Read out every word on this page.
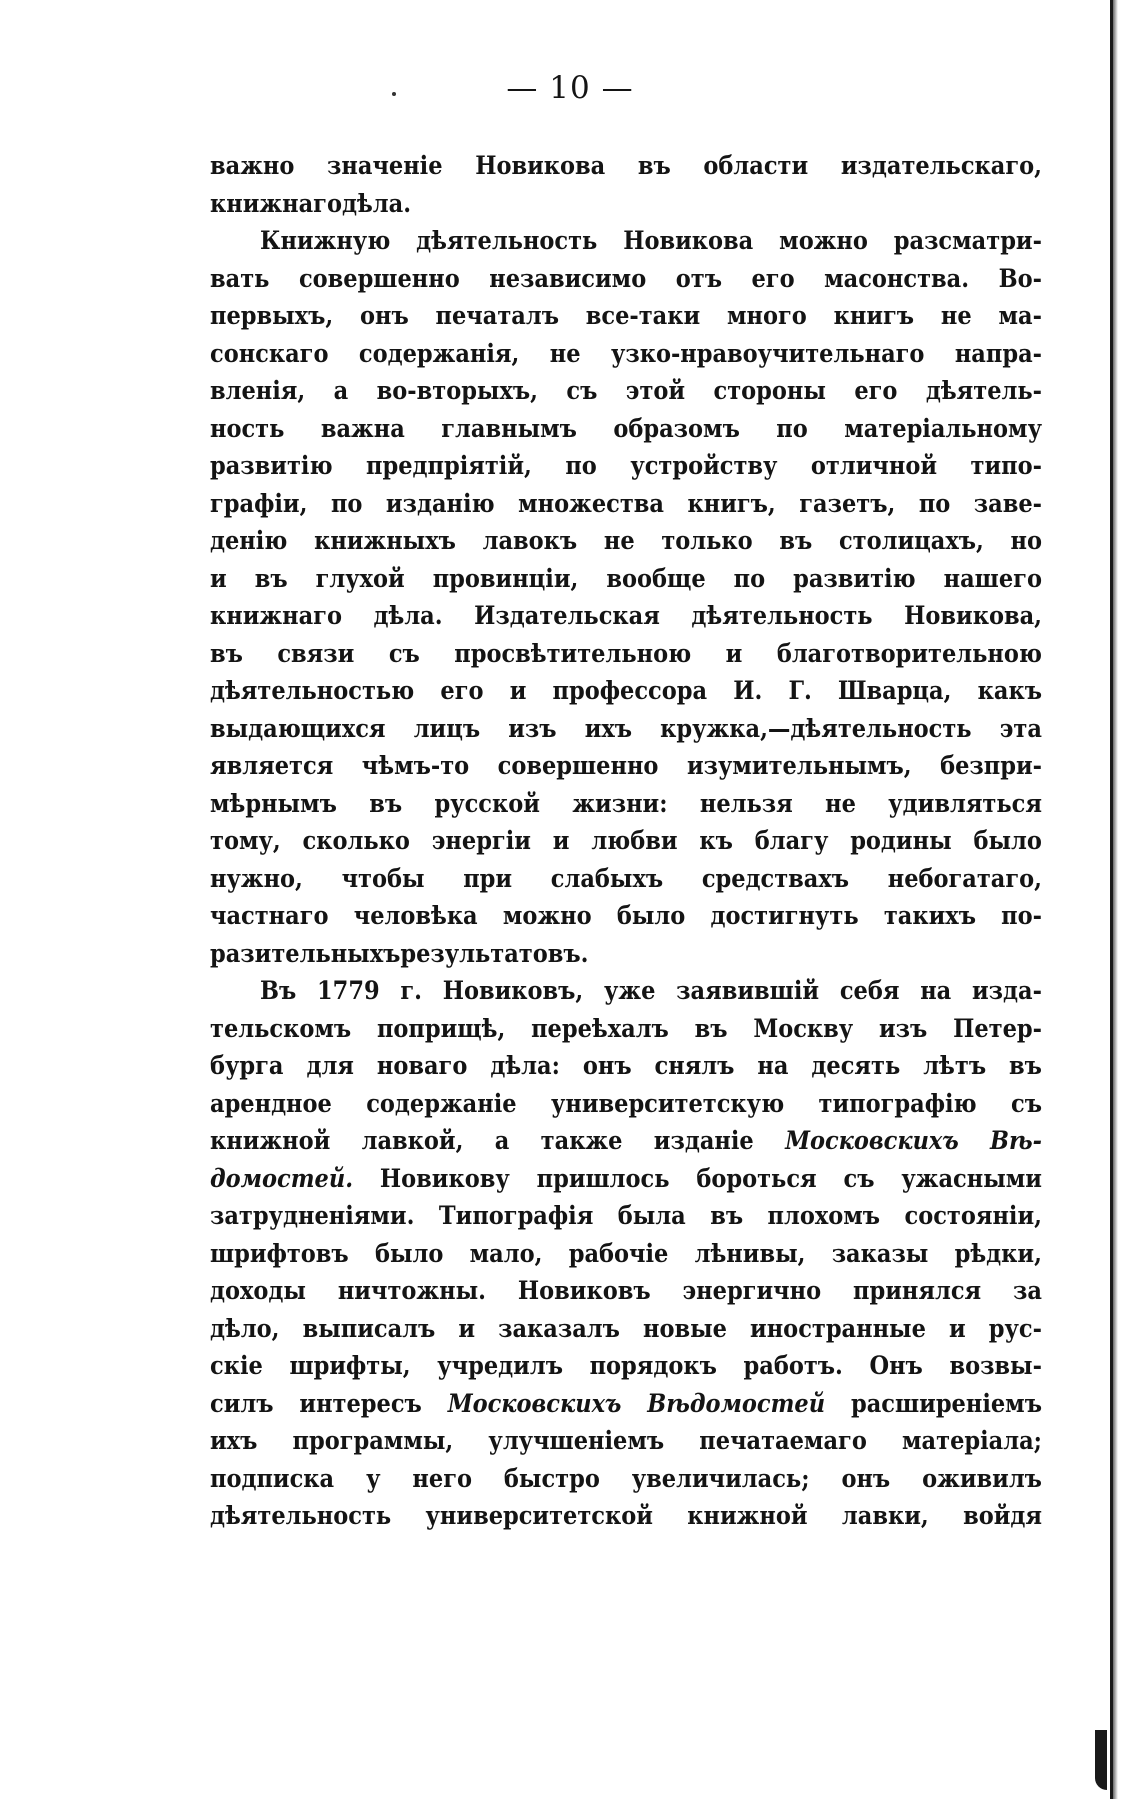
— 10 —
важно значеніе Новикова въ области издательскаго,
книжнаго дѣла.
Книжную дѣятельность Новикова можно разсматри-
вать совершенно независимо отъ его масонства. Во-
первыхъ, онъ печаталъ все-таки много книгъ не ма-
сонскаго содержанія, не узко-нравоучительнаго напра-
вленія, а во-вторыхъ, съ этой стороны его дѣятель-
ность важна главнымъ образомъ по матеріальному
развитію предпріятій, по устройству отличной типо-
графіи, по изданію множества книгъ, газетъ, по заве-
денію книжныхъ лавокъ не только въ столицахъ, но
и въ глухой провинціи, вообще по развитію нашего
книжнаго дѣла. Издательская дѣятельность Новикова,
въ связи съ просвѣтительною и благотворительною
дѣятельностью его и профессора И. Г. Шварца, какъ
выдающихся лицъ изъ ихъ кружка,—дѣятельность эта
является чѣмъ-то совершенно изумительнымъ, безпри-
мѣрнымъ въ русской жизни: нельзя не удивляться
тому, сколько энергіи и любви къ благу родины было
нужно, чтобы при слабыхъ средствахъ небогатаго,
частнаго человѣка можно было достигнуть такихъ по-
разительныхъ результатовъ.
Въ 1779 г. Новиковъ, уже заявившій себя на изда-
тельскомъ поприщѣ, переѣхалъ въ Москву изъ Петер-
бурга для новаго дѣла: онъ снялъ на десять лѣтъ въ
арендное содержаніе университетскую типографію съ
книжной лавкой, а также изданіе Московскихъ Вѣ-
домостей. Новикову пришлось бороться съ ужасными
затрудненіями. Типографія была въ плохомъ состояніи,
шрифтовъ было мало, рабочіе лѣнивы, заказы рѣдки,
доходы ничтожны. Новиковъ энергично принялся за
дѣло, выписалъ и заказалъ новые иностранные и рус-
скіе шрифты, учредилъ порядокъ работъ. Онъ возвы-
силъ интересъ Московскихъ Вѣдомостей расширеніемъ
ихъ программы, улучшеніемъ печатаемаго матеріала;
подписка у него быстро увеличилась; онъ оживилъ
дѣятельность университетской книжной лавки, войдя
